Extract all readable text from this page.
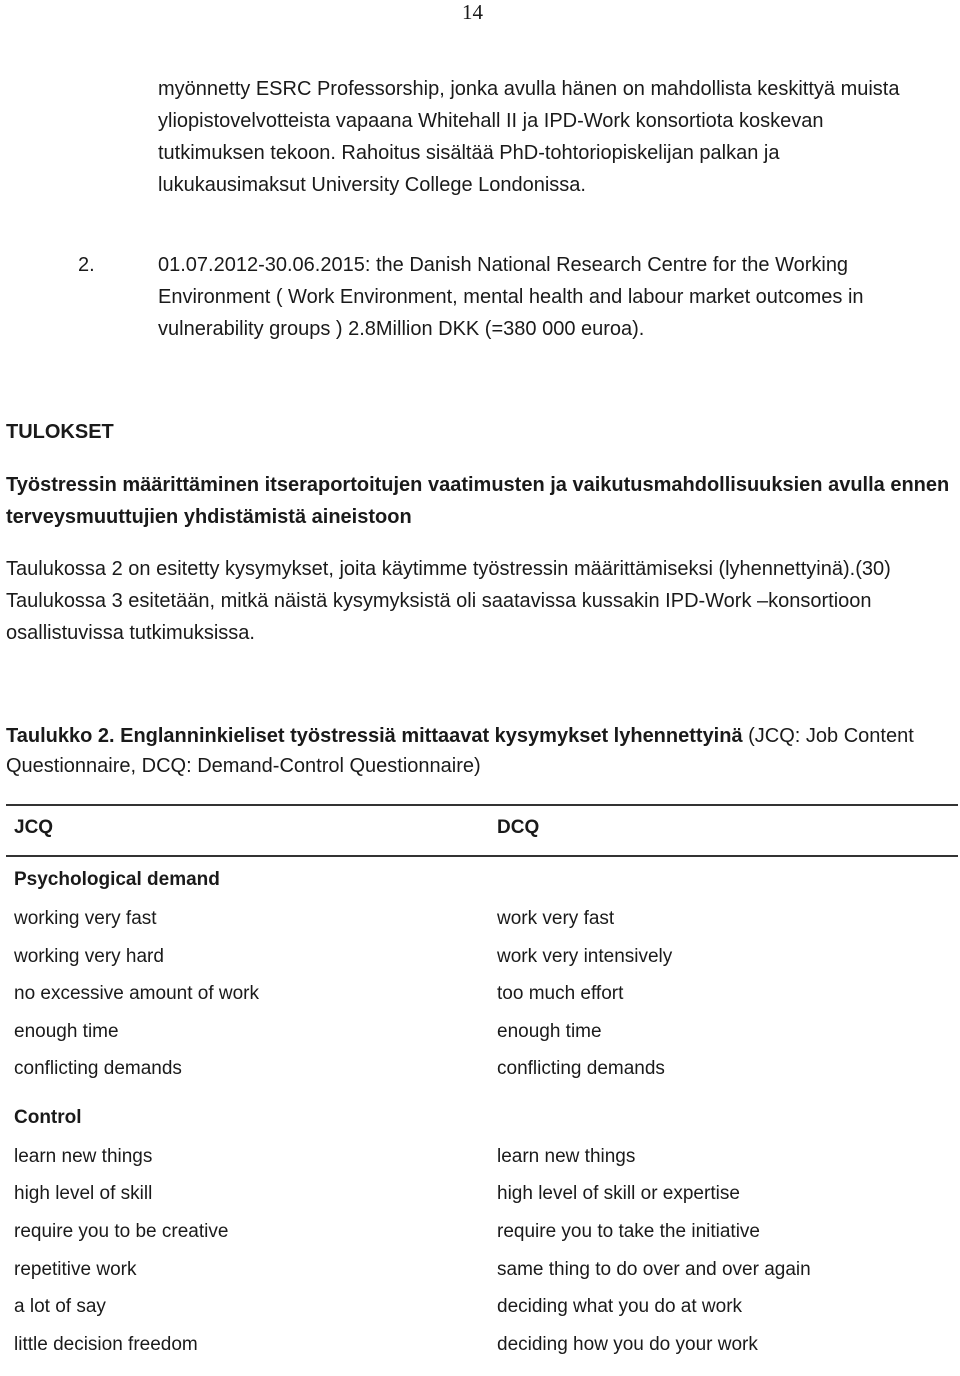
14

myönnetty ESRC Professorship, jonka avulla hänen on mahdollista keskittyä muista yliopistovelvotteista vapaana Whitehall II ja IPD-Work konsortiota koskevan tutkimuksen tekoon. Rahoitus sisältää PhD-tohtoriopiskelijan palkan ja lukukausimaksut University College Londonissa.

2.	01.07.2012-30.06.2015: the Danish National Research Centre for the Working Environment ( Work Environment, mental health and labour market outcomes in vulnerability groups ) 2.8Million DKK (=380 000 euroa).

TULOKSET
Työstressin määrittäminen itseraportoitujen vaatimusten ja vaikutusmahdollisuuksien avulla ennen terveysmuuttujien yhdistämistä aineistoon

Taulukossa 2 on esitetty kysymykset, joita käytimme työstressin määrittämiseksi (lyhennettyinä).(30) Taulukossa 3 esitetään, mitkä näistä kysymyksistä oli saatavissa kussakin IPD-Work –konsortioon osallistuvissa tutkimuksissa.

Taulukko 2. Englanninkieliset työstressiä mittaavat kysymykset lyhennettyinä (JCQ: Job Content Questionnaire, DCQ: Demand-Control Questionnaire)
JCQ	DCQ
Psychological demand
working very fast	work very fast
working very hard	work very intensively
no excessive amount of work	too much effort
enough time	enough time
conflicting demands	conflicting demands
Control
learn new things	learn new things
high level of skill	high level of skill or expertise
require you to be creative	require you to take the initiative
repetitive work	same thing to do over and over again
a lot of say	deciding what you do at work
little decision freedom	deciding how you do your work
